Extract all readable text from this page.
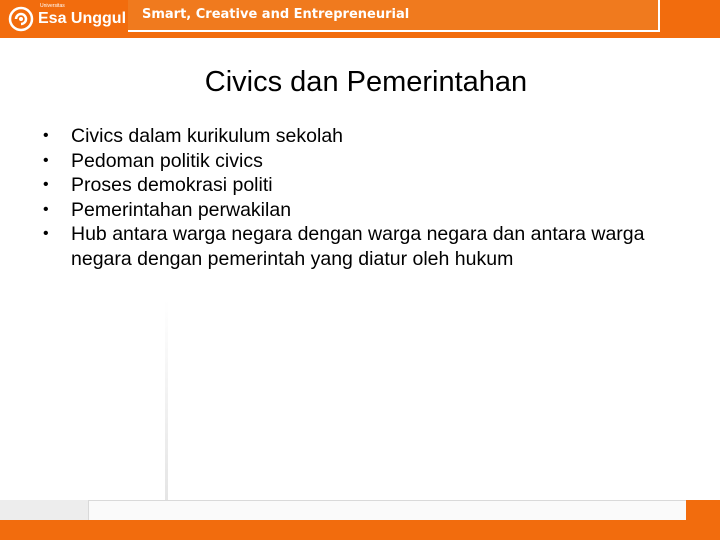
Universitas
Esa Unggul Smart, Creative and Entrepreneurial
Civics dan Pemerintahan
• Civics dalam kurikulum sekolah
• Pedoman politik civics
• Proses demokrasi politi
• Pemerintahan perwakilan
• Hub antara warga negara dengan warga negara dan antara warga negara dengan pemerintah yang diatur oleh hukum
